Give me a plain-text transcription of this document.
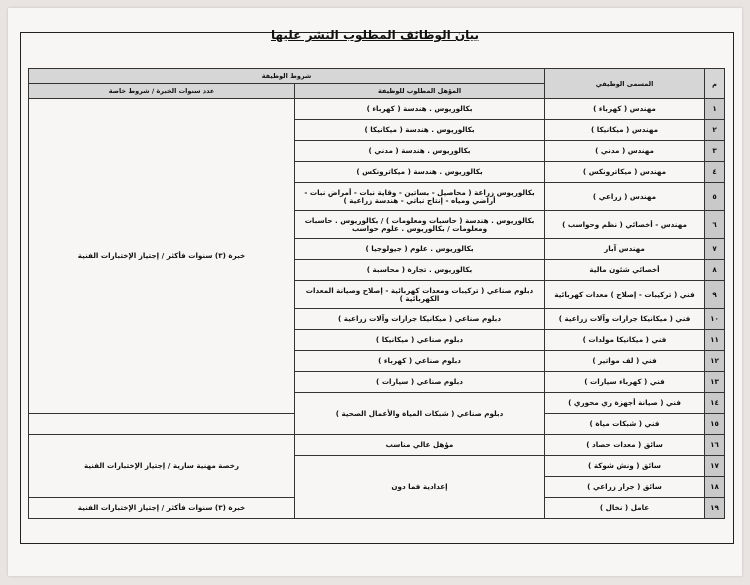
بيان الوظائف المطلوب النشر عليها
م	المسمى الوظيفي	شروط الوظيفة	
		المؤهل المطلوب للوظيفة	عدد سنوات الخبرة / شروط خاصة
١	مهندس ( كهرباء )	بكالوريوس . هندسة ( كهرباء )	خبرة (٣) سنوات فأكثر / إجتياز الإختبارات الفنية
٢	مهندس ( ميكانيكا )	بكالوريوس . هندسة ( ميكانيكا )	
٣	مهندس ( مدني )	بكالوريوس . هندسة ( مدني )	
٤	مهندس ( ميكاترونكس )	بكالوريوس . هندسة ( ميكاترونكس )	
٥	مهندس ( زراعي )	بكالوريوس زراعة ( محاصيل - بساتين - وقاية نبات - أمراض نبات - أراضي ومياه - إنتاج نباتي - هندسة زراعية )	
٦	مهندس - أخصائي ( نظم وحواسب )	بكالوريوس . هندسة ( حاسبات ومعلومات ) / بكالوريوس . حاسبات ومعلومات / بكالوريوس . علوم حواسب	
٧	مهندس آبار	بكالوريوس . علوم ( جيولوجيا )	
٨	أخصائي شئون مالية	بكالوريوس . تجارة ( محاسبة )	
٩	فني ( تركيبات - إصلاح ) معدات كهربائية	دبلوم صناعي ( تركيبات ومعدات كهربائية - إصلاح وصيانة المعدات الكهربائية )	
١٠	فني ( ميكانيكا جرارات وآلات زراعية )	دبلوم صناعي ( ميكانيكا جرارات وآلات زراعية )	
١١	فني ( ميكانيكا مولدات )	دبلوم صناعي ( ميكانيكا )	
١٢	فني ( لف مواتير )	دبلوم صناعي ( كهرباء )	
١٣	فني ( كهرباء سيارات )	دبلوم صناعي ( سيارات )	
١٤	فني ( صيانة أجهزة ري محوري )	دبلوم صناعي ( شبكات المياة والأعمال الصحية )	
١٥	فني ( شبكات مياة )		
١٦	سائق ( معدات حصاد )	مؤهل عالي مناسب	رخصة مهنية سارية / إجتياز الإختبارات الفنية
١٧	سائق ( ونش شوكة )	إعدادية فما دون	
١٨	سائق ( جرار زراعي )		
١٩	عامل ( نخال )		خبرة (٣) سنوات فأكثر / إجتياز الإختبارات الفنية
